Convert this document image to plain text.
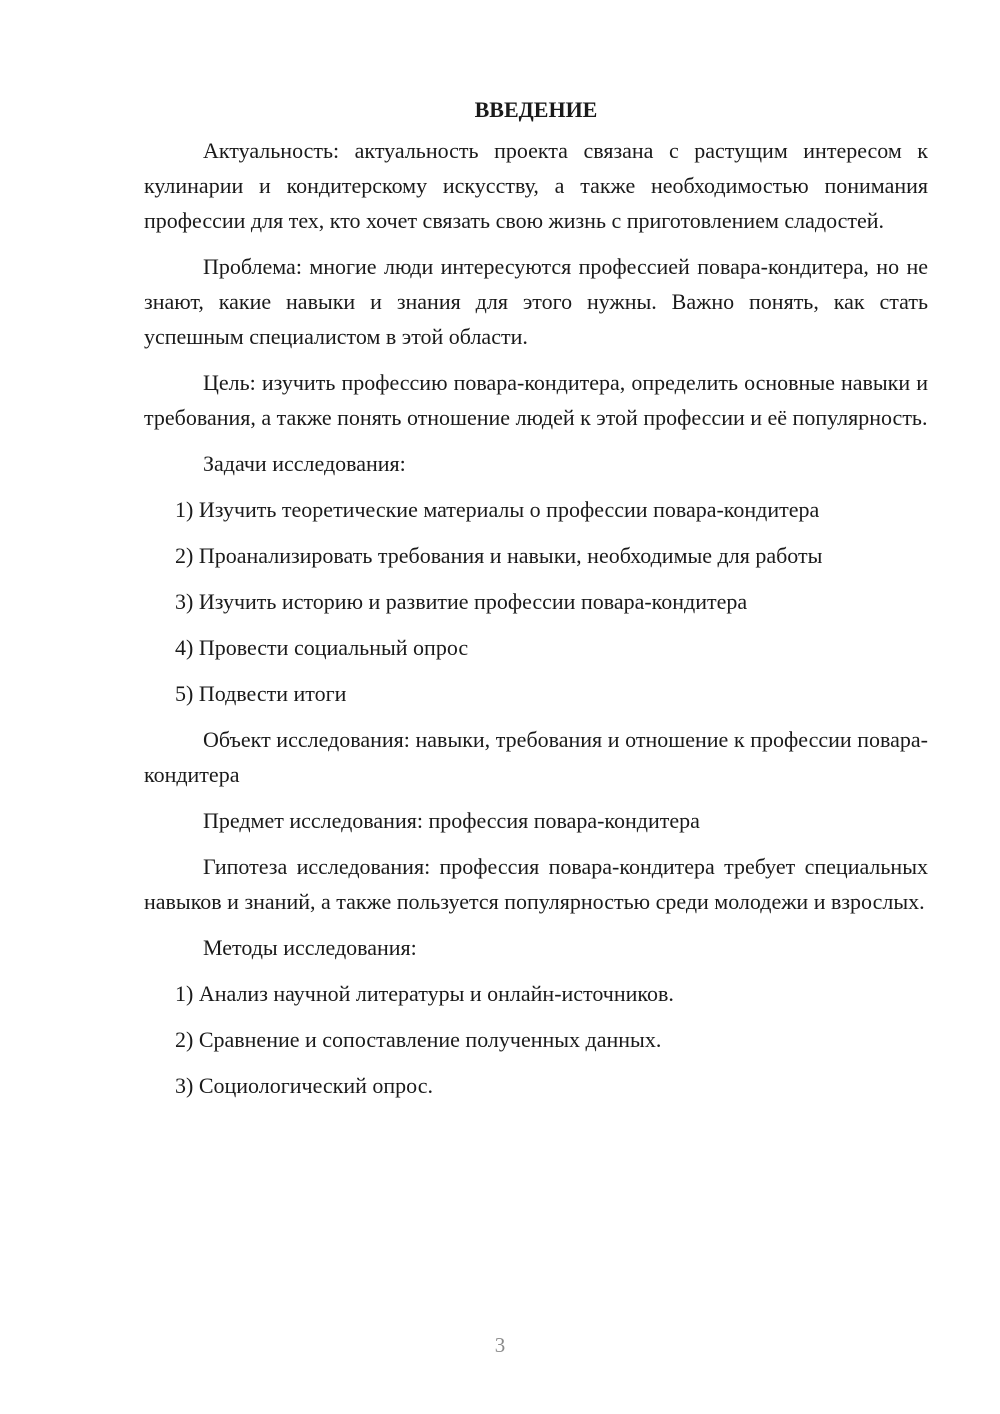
ВВЕДЕНИЕ

Актуальность: актуальность проекта связана с растущим интересом к кулинарии и кондитерскому искусству, а также необходимостью понимания профессии для тех, кто хочет связать свою жизнь с приготовлением сладостей.

Проблема: многие люди интересуются профессией повара-кондитера, но не знают, какие навыки и знания для этого нужны. Важно понять, как стать успешным специалистом в этой области.

Цель: изучить профессию повара-кондитера, определить основные навыки и требования, а также понять отношение людей к этой профессии и её популярность.

Задачи исследования:

1) Изучить теоретические материалы о профессии повара-кондитера
2) Проанализировать требования и навыки, необходимые для работы
3) Изучить историю и развитие профессии повара-кондитера
4) Провести социальный опрос
5) Подвести итоги

Объект исследования: навыки, требования и отношение к профессии повара-кондитера

Предмет исследования: профессия повара-кондитера

Гипотеза исследования: профессия повара-кондитера требует специальных навыков и знаний, а также пользуется популярностью среди молодежи и взрослых.

Методы исследования:

1) Анализ научной литературы и онлайн-источников.
2) Сравнение и сопоставление полученных данных.
3) Социологический опрос.
3
